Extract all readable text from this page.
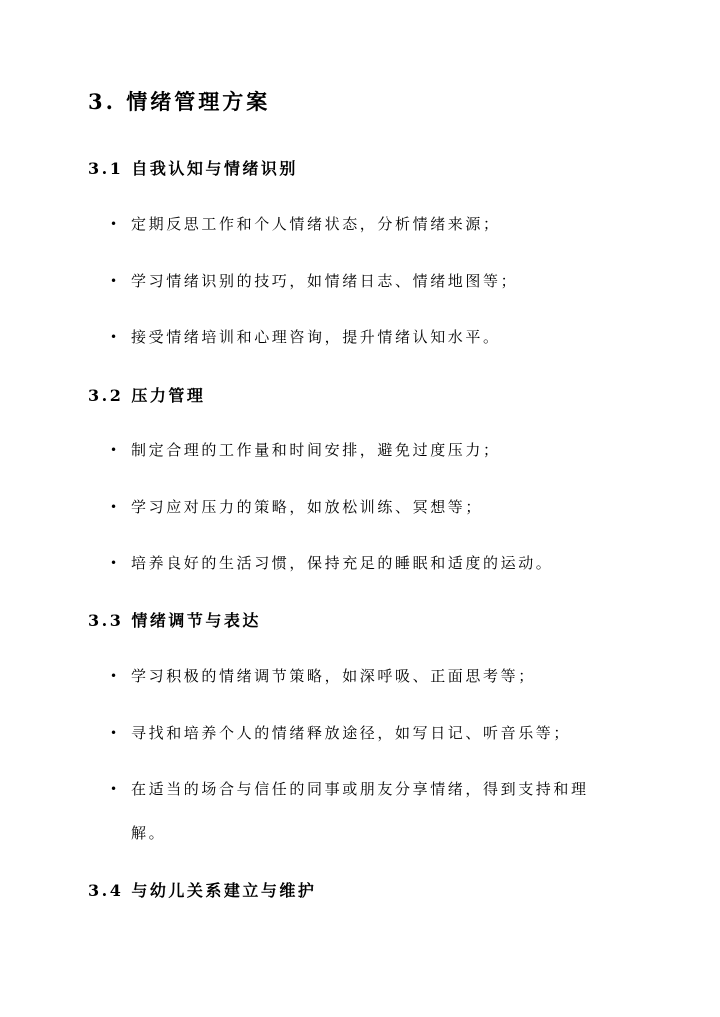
3. 情绪管理方案
3.1 自我认知与情绪识别
• 定期反思工作和个人情绪状态，分析情绪来源；
• 学习情绪识别的技巧，如情绪日志、情绪地图等；
• 接受情绪培训和心理咨询，提升情绪认知水平。
3.2 压力管理
• 制定合理的工作量和时间安排，避免过度压力；
• 学习应对压力的策略，如放松训练、冥想等；
• 培养良好的生活习惯，保持充足的睡眠和适度的运动。
3.3 情绪调节与表达
• 学习积极的情绪调节策略，如深呼吸、正面思考等；
• 寻找和培养个人的情绪释放途径，如写日记、听音乐等；
• 在适当的场合与信任的同事或朋友分享情绪，得到支持和理
解。
3.4 与幼儿关系建立与维护
